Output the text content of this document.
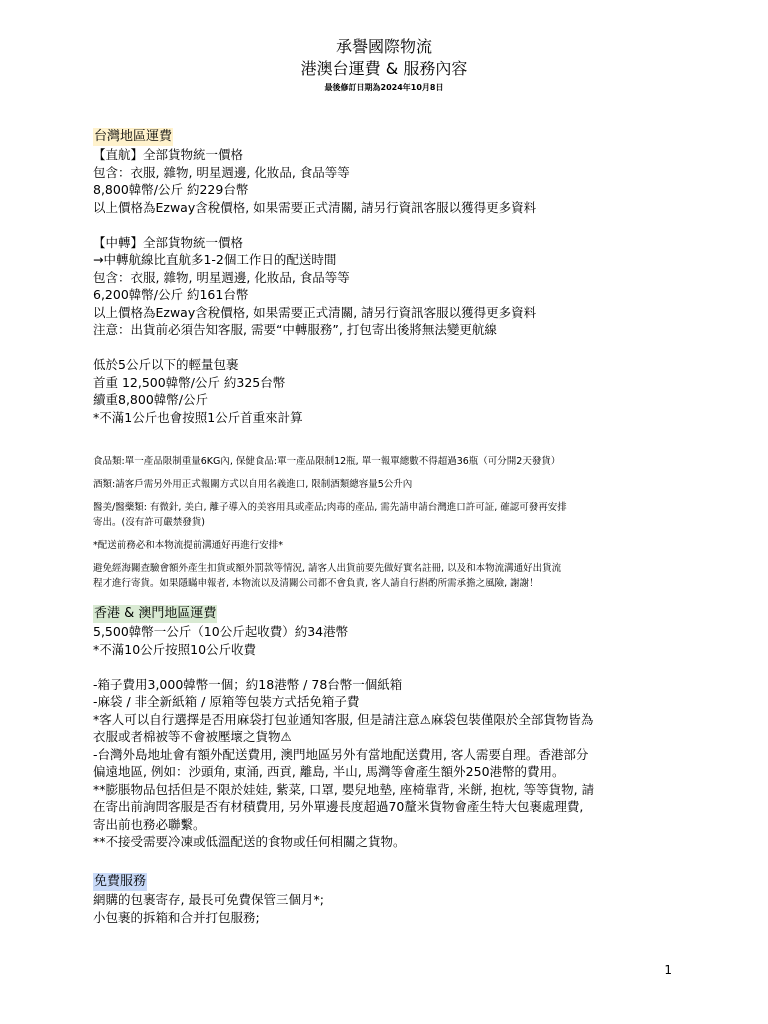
承譽國際物流
港澳台運費 & 服務內容
最後修訂日期為2024年10月8日
台灣地區運費
【直航】全部貨物統一價格
包含：衣服, 雜物, 明星週邊, 化妝品, 食品等等
8,800韓幣/公斤 約229台幣
以上價格為Ezway含稅價格, 如果需要正式清關, 請另行資訊客服以獲得更多資料
【中轉】全部貨物統一價格
→中轉航線比直航多1-2個工作日的配送時間
包含：衣服, 雜物, 明星週邊, 化妝品, 食品等等
6,200韓幣/公斤 約161台幣
以上價格為Ezway含稅價格, 如果需要正式清關, 請另行資訊客服以獲得更多資料
注意：出貨前必須告知客服, 需要“中轉服務”, 打包寄出後將無法變更航線
低於5公斤以下的輕量包裹
首重 12,500韓幣/公斤 約325台幣
續重8,800韓幣/公斤
*不滿1公斤也會按照1公斤首重來計算
食品類:單一產品限制重量6KG內, 保健食品:單一產品限制12瓶, 單一報單總數不得超過36瓶（可分開2天發貨）
酒類:請客戶需另外用正式報關方式以自用名義進口, 限制酒類總容量5公升內
醫美/醫藥類: 有微針, 美白, 離子導入的美容用具或產品;肉毒的產品, 需先請申請台灣進口許可証, 確認可發再安排
寄出。(沒有許可嚴禁發貨)
*配送前務必和本物流提前溝通好再進行安排*
避免經海關查驗會額外產生扣貨或額外罰款等情況, 請客人出貨前要先做好實名註冊, 以及和本物流溝通好出貨流
程才進行寄貨。如果隱瞞申報者, 本物流以及清關公司都不會負責, 客人請自行斟酌所需承擔之風險, 謝謝！
香港 & 澳門地區運費
5,500韓幣一公斤（10公斤起收費）約34港幣
*不滿10公斤按照10公斤收費
-箱子費用3,000韓幣一個；約18港幣 / 78台幣一個紙箱
-麻袋 / 非全新紙箱 / 原箱等包裝方式括免箱子費
*客人可以自行選擇是否用麻袋打包並通知客服, 但是請注意⚠麻袋包裝僅限於全部貨物皆為
衣服或者棉被等不會被壓壞之貨物⚠
-台灣外島地址會有額外配送費用, 澳門地區另外有當地配送費用, 客人需要自理。香港部分
偏遠地區, 例如：沙頭角, 東涌, 西貢, 離島, 半山, 馬灣等會產生額外250港幣的費用。
**膨脹物品包括但是不限於娃娃, 紫菜, 口罩, 嬰兒地墊, 座椅靠背, 米餅, 抱枕, 等等貨物, 請
在寄出前詢問客服是否有材積費用, 另外單邊長度超過70釐米貨物會產生特大包裹處理費,
寄出前也務必聯繫。
**不接受需要冷凍或低溫配送的食物或任何相關之貨物。
免費服務
網購的包裹寄存, 最長可免費保管三個月*;
小包裹的拆箱和合并打包服務;
1
